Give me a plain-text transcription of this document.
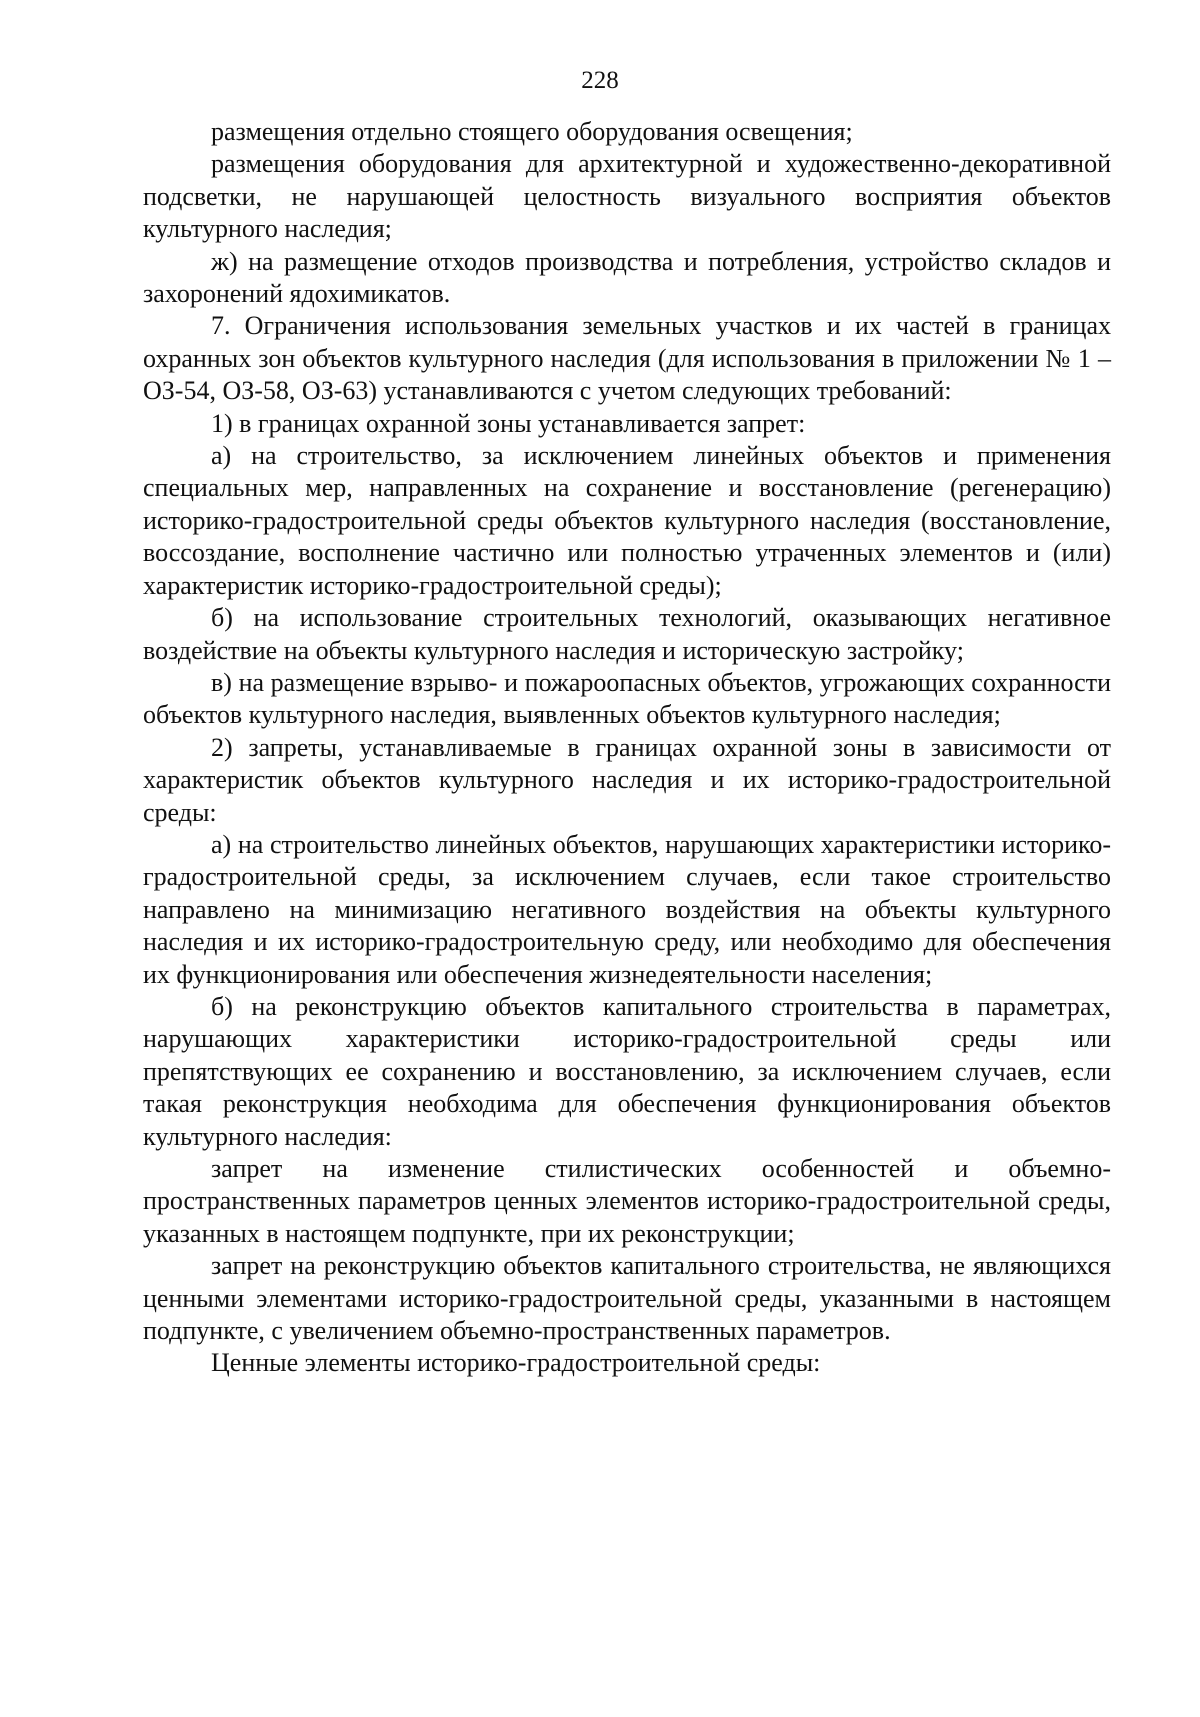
228

размещения отдельно стоящего оборудования освещения;

размещения оборудования для архитектурной и художественно-декоративной подсветки, не нарушающей целостность визуального восприятия объектов культурного наследия;

ж) на размещение отходов производства и потребления, устройство складов и захоронений ядохимикатов.

7. Ограничения использования земельных участков и их частей в границах охранных зон объектов культурного наследия (для использования в приложении № 1 – ОЗ-54, ОЗ-58, ОЗ-63) устанавливаются с учетом следующих требований:

1) в границах охранной зоны устанавливается запрет:

а) на строительство, за исключением линейных объектов и применения специальных мер, направленных на сохранение и восстановление (регенерацию) историко-градостроительной среды объектов культурного наследия (восстановление, воссоздание, восполнение частично или полностью утраченных элементов и (или) характеристик историко-градостроительной среды);

б) на использование строительных технологий, оказывающих негативное воздействие на объекты культурного наследия и историческую застройку;

в) на размещение взрыво- и пожароопасных объектов, угрожающих сохранности объектов культурного наследия, выявленных объектов культурного наследия;

2) запреты, устанавливаемые в границах охранной зоны в зависимости от характеристик объектов культурного наследия и их историко-градостроительной среды:

а) на строительство линейных объектов, нарушающих характеристики историко-градостроительной среды, за исключением случаев, если такое строительство направлено на минимизацию негативного воздействия на объекты культурного наследия и их историко-градостроительную среду, или необходимо для обеспечения их функционирования или обеспечения жизнедеятельности населения;

б) на реконструкцию объектов капитального строительства в параметрах, нарушающих характеристики историко-градостроительной среды или препятствующих ее сохранению и восстановлению, за исключением случаев, если такая реконструкция необходима для обеспечения функционирования объектов культурного наследия:

запрет на изменение стилистических особенностей и объемно-пространственных параметров ценных элементов историко-градостроительной среды, указанных в настоящем подпункте, при их реконструкции;

запрет на реконструкцию объектов капитального строительства, не являющихся ценными элементами историко-градостроительной среды, указанными в настоящем подпункте, с увеличением объемно-пространственных параметров.

Ценные элементы историко-градостроительной среды:
